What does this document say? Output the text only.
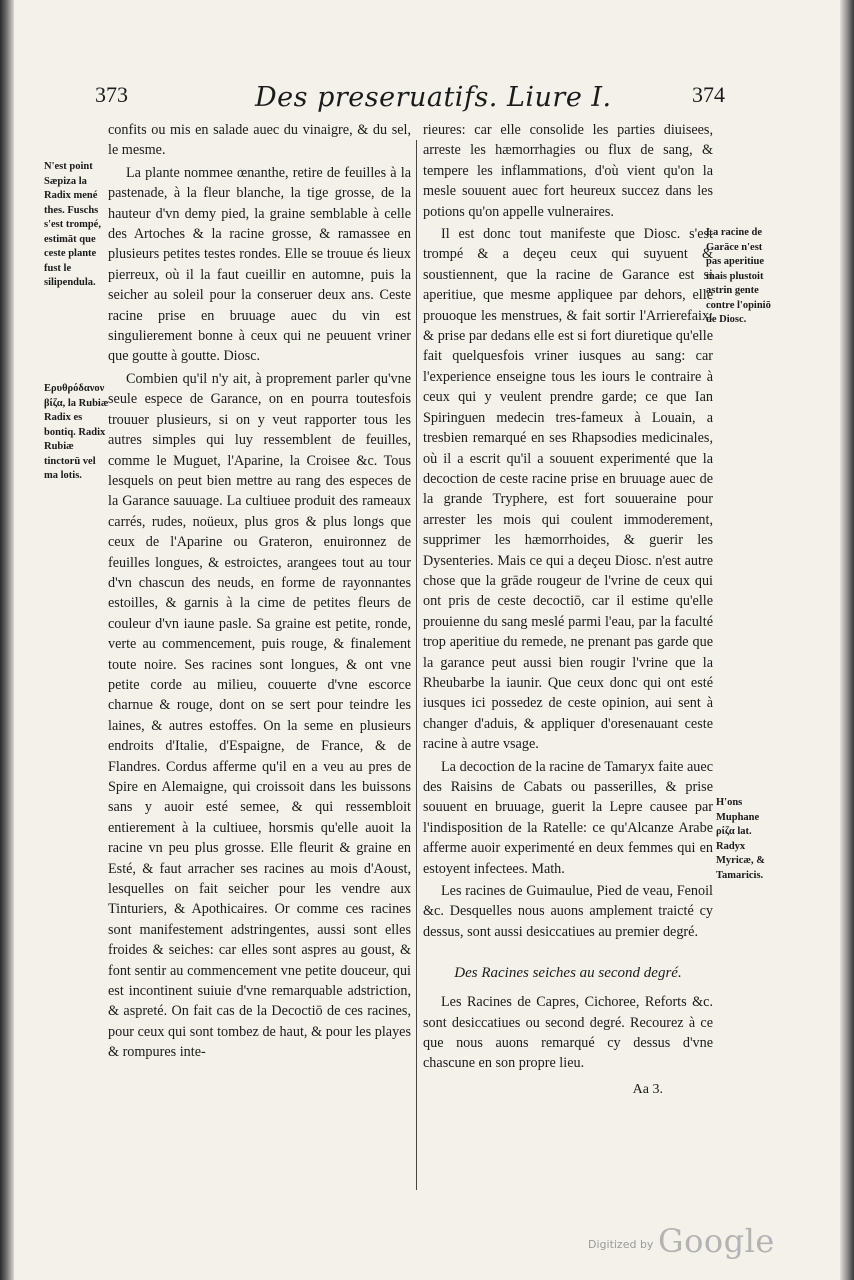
373	Des preseruatifs. Liure I.	374
N'est point Sæpiza la Radix mené thes. Fuschs s'est trompé, estimāt que ceste plante fust le silipendula.
Ερυθρόδανον βίζα, la Rubiæ Radix es bontiq. Radix Rubiæ tinctorū vel ma lotis.
La racine de Garāce n'est pas aperitiue mais plustoit astrin gente contre l'opiniō de Diosc.
H'ons Muphane ρίζα lat. Radyx Myricæ, & Tamaricis.

confits ou mis en salade auec du vinaigre, & du sel, le mesme.

La plante nommee œnanthe, retire de feuilles à la pastenade, à la fleur blanche, la tige grosse, de la hauteur d'vn demy pied, la graine semblable à celle des Artoches & la racine grosse, & ramassee en plusieurs petites testes rondes. Elle se trouue és lieux pierreux, où il la faut cueillir en automne, puis la seicher au soleil pour la conseruer deux ans. Ceste racine prise en bruuage auec du vin est singulierement bonne à ceux qui ne peuuent vriner que goutte à goutte. Diosc.

Combien qu'il n'y ait, à proprement parler qu'vne seule espece de Garance, on en pourra toutesfois trouuer plusieurs, si on y veut rapporter tous les autres simples qui luy ressemblent de feuilles, comme le Muguet, l'Aparine, la Croisee &c. Tous lesquels on peut bien mettre au rang des especes de la Garance sauuage. La cultiuee produit des rameaux carrés, rudes, noüeux, plus gros & plus longs que ceux de l'Aparine ou Grateron, enuironnez de feuilles longues, & estroictes, arangees tout au tour d'vn chascun des neuds, en forme de rayonnantes estoilles, & garnis à la cime de petites fleurs de couleur d'vn iaune pasle. Sa graine est petite, ronde, verte au commencement, puis rouge, & finalement toute noire. Ses racines sont longues, & ont vne petite corde au milieu, couuerte d'vne escorce charnue & rouge, dont on se sert pour teindre les laines, & autres estoffes. On la seme en plusieurs endroits d'Italie, d'Espaigne, de France, & de Flandres. Cordus afferme qu'il en a veu au pres de Spire en Alemaigne, qui croissoit dans les buissons sans y auoir esté semee, & qui ressembloit entierement à la cultiuee, horsmis qu'elle auoit la racine vn peu plus grosse. Elle fleurit & graine en Esté, & faut arracher ses racines au mois d'Aoust, lesquelles on fait seicher pour les vendre aux Tinturiers, & Apothicaires. Or comme ces racines sont manifestement adstringentes, aussi sont elles froides & seiches: car elles sont aspres au goust, & font sentir au commencement vne petite douceur, qui est incontinent suiuie d'vne remarquable adstriction, & aspreté. On fait cas de la Decoctiō de ces racines, pour ceux qui sont tombez de haut, & pour les playes & rompures inte-

rieures: car elle consolide les parties diuisees, arreste les hæmorrhagies ou flux de sang, & tempere les inflammations, d'où vient qu'on la mesle souuent auec fort heureux succez dans les potions qu'on appelle vulneraires.

Il est donc tout manifeste que Diosc. s'est trompé & a deçeu ceux qui suyuent & soustiennent, que la racine de Garance est si aperitiue, que mesme appliquee par dehors, elle prouoque les menstrues, & fait sortir l'Arrierefaix: & prise par dedans elle est si fort diuretique qu'elle fait quelquesfois vriner iusques au sang: car l'experience enseigne tous les iours le contraire à ceux qui y veulent prendre garde; ce que Ian Spiringuen medecin tres-fameux à Louain, a tresbien remarqué en ses Rhapsodies medicinales, où il a escrit qu'il a souuent experimenté que la decoction de ceste racine prise en bruuage auec de la grande Tryphere, est fort souueraine pour arrester les mois qui coulent immoderement, supprimer les hæmorrhoides, & guerir les Dysenteries. Mais ce qui a deçeu Diosc. n'est autre chose que la grāde rougeur de l'vrine de ceux qui ont pris de ceste decoctiō, car il estime qu'elle prouienne du sang meslé parmi l'eau, par la faculté trop aperitiue du remede, ne prenant pas garde que la garance peut aussi bien rougir l'vrine que la Rheubarbe la iaunir. Que ceux donc qui ont esté iusques ici possedez de ceste opinion, aui sent à changer d'aduis, & appliquer d'oresenauant ceste racine à autre vsage.

La decoction de la racine de Tamaryx faite auec des Raisins de Cabats ou passerilles, & prise souuent en bruuage, guerit la Lepre causee par l'indisposition de la Ratelle: ce qu'Alcanze Arabe afferme auoir experimenté en deux femmes qui en estoyent infectees. Math.

Les racines de Guimaulue, Pied de veau, Fenoil &c. Desquelles nous auons amplement traicté cy dessus, sont aussi desiccatiues au premier degré.

Des Racines seiches au second degré.

Les Racines de Capres, Cichoree, Reforts &c. sont desiccatiues ou second degré. Recourez à ce que nous auons remarqué cy dessus d'vne chascune en son propre lieu.

Aa 3.
Digitized by Google
